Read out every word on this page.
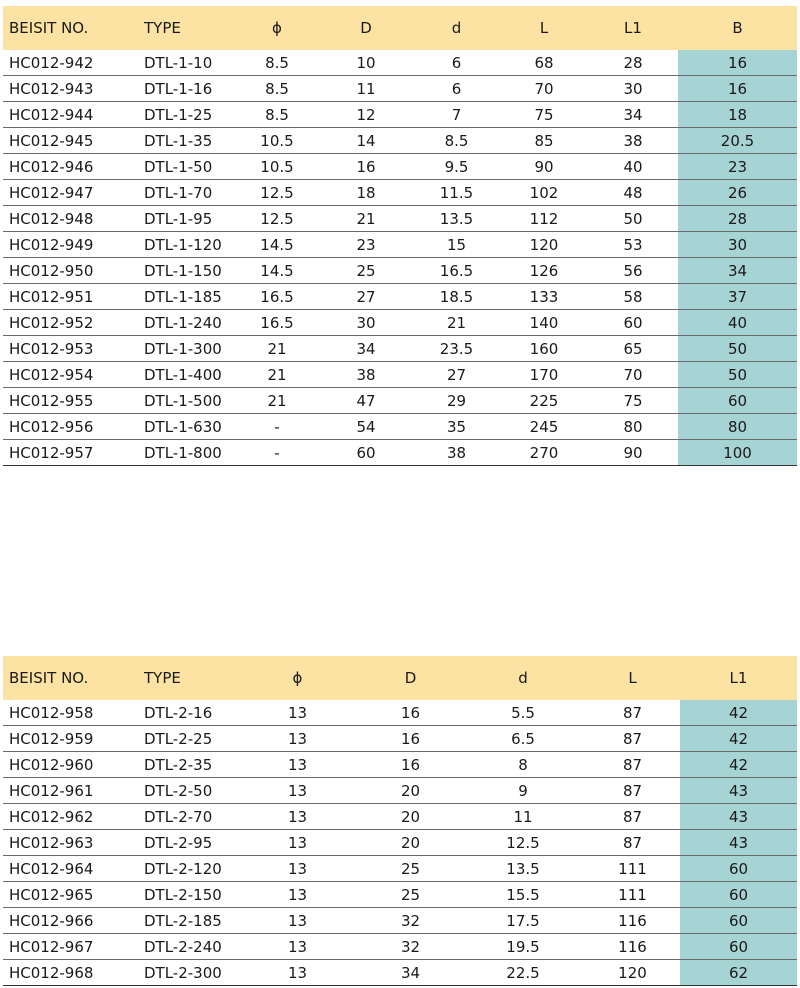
BEISIT NO.	TYPE	ϕ	D	d	L	L1	B
HC012-942	DTL-1-10	8.5	10	6	68	28	16
HC012-943	DTL-1-16	8.5	11	6	70	30	16
HC012-944	DTL-1-25	8.5	12	7	75	34	18
HC012-945	DTL-1-35	10.5	14	8.5	85	38	20.5
HC012-946	DTL-1-50	10.5	16	9.5	90	40	23
HC012-947	DTL-1-70	12.5	18	11.5	102	48	26
HC012-948	DTL-1-95	12.5	21	13.5	112	50	28
HC012-949	DTL-1-120	14.5	23	15	120	53	30
HC012-950	DTL-1-150	14.5	25	16.5	126	56	34
HC012-951	DTL-1-185	16.5	27	18.5	133	58	37
HC012-952	DTL-1-240	16.5	30	21	140	60	40
HC012-953	DTL-1-300	21	34	23.5	160	65	50
HC012-954	DTL-1-400	21	38	27	170	70	50
HC012-955	DTL-1-500	21	47	29	225	75	60
HC012-956	DTL-1-630	-	54	35	245	80	80
HC012-957	DTL-1-800	-	60	38	270	90	100
BEISIT NO.	TYPE	ϕ	D	d	L	L1
HC012-958	DTL-2-16	13	16	5.5	87	42
HC012-959	DTL-2-25	13	16	6.5	87	42
HC012-960	DTL-2-35	13	16	8	87	42
HC012-961	DTL-2-50	13	20	9	87	43
HC012-962	DTL-2-70	13	20	11	87	43
HC012-963	DTL-2-95	13	20	12.5	87	43
HC012-964	DTL-2-120	13	25	13.5	111	60
HC012-965	DTL-2-150	13	25	15.5	111	60
HC012-966	DTL-2-185	13	32	17.5	116	60
HC012-967	DTL-2-240	13	32	19.5	116	60
HC012-968	DTL-2-300	13	34	22.5	120	62
